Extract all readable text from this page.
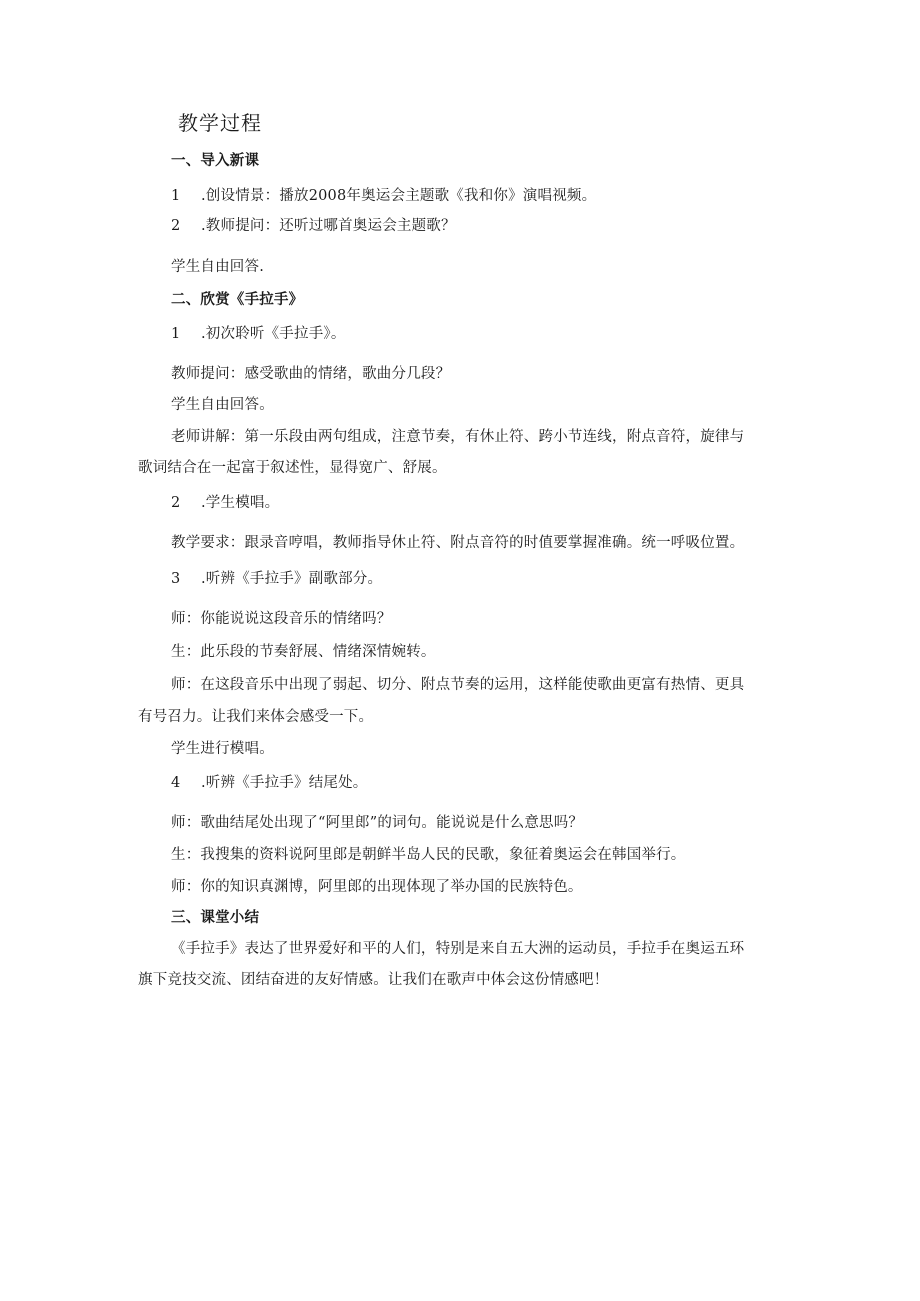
教学过程
一、导入新课
1 .创设情景：播放2008年奥运会主题歌《我和你》演唱视频。
2 .教师提问：还听过哪首奥运会主题歌？
学生自由回答.
二、欣赏《手拉手》
1 .初次聆听《手拉手》。
教师提问：感受歌曲的情绪，歌曲分几段？
学生自由回答。
老师讲解：第一乐段由两句组成，注意节奏，有休止符、跨小节连线，附点音符，旋律与
歌词结合在一起富于叙述性，显得宽广、舒展。
2 .学生模唱。
教学要求：跟录音哼唱，教师指导休止符、附点音符的时值要掌握准确。统一呼吸位置。
3 .听辨《手拉手》副歌部分。
师：你能说说这段音乐的情绪吗？
生：此乐段的节奏舒展、情绪深情婉转。
师：在这段音乐中出现了弱起、切分、附点节奏的运用，这样能使歌曲更富有热情、更具
有号召力。让我们来体会感受一下。
学生进行模唱。
4 .听辨《手拉手》结尾处。
师：歌曲结尾处出现了“阿里郎”的词句。能说说是什么意思吗？
生：我搜集的资料说阿里郎是朝鲜半岛人民的民歌，象征着奥运会在韩国举行。
师：你的知识真渊博，阿里郎的出现体现了举办国的民族特色。
三、课堂小结
《手拉手》表达了世界爱好和平的人们，特别是来自五大洲的运动员，手拉手在奥运五环
旗下竞技交流、团结奋进的友好情感。让我们在歌声中体会这份情感吧！
